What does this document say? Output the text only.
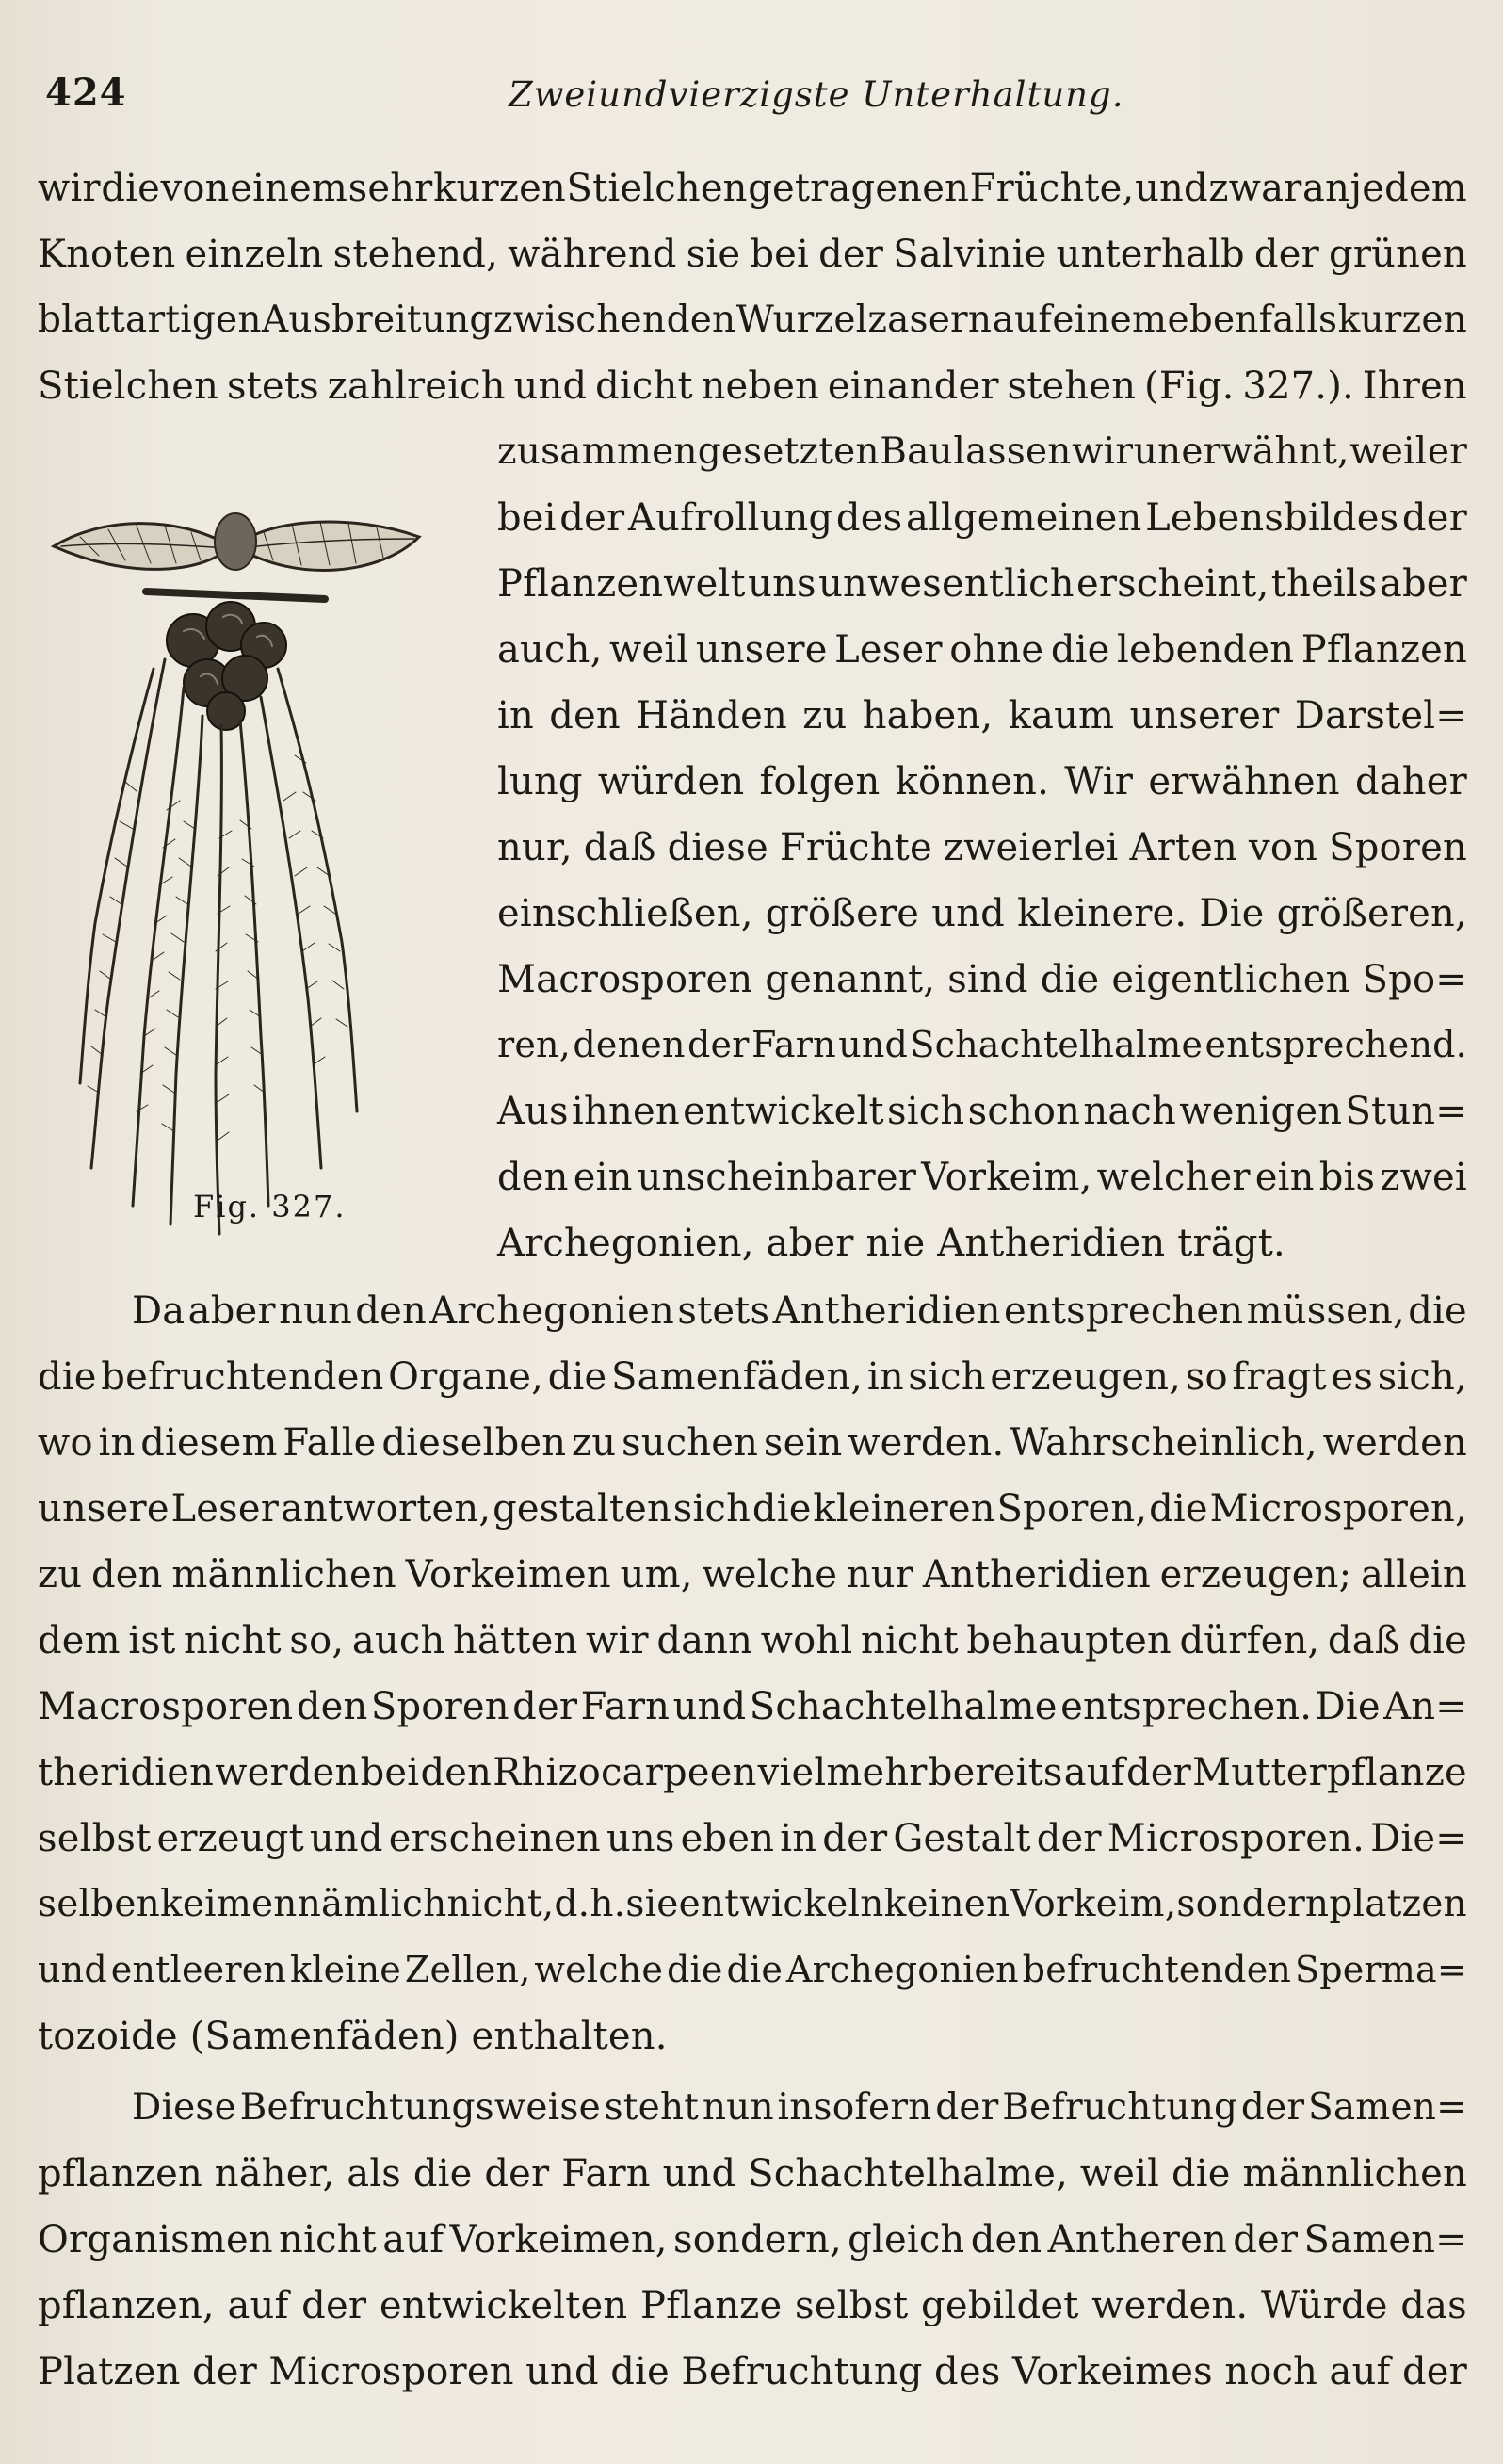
424	Zweiundvierzigste Unterhaltung.
Fig. 327.
wir die von einem sehr kurzen Stielchen getragenen Früchte, und zwar an jedem
Knoten einzeln stehend, während sie bei der Salvinie unterhalb der grünen
blattartigen Ausbreitung zwischen den Wurzelzasern auf einem ebenfalls kurzen
Stielchen stets zahlreich und dicht neben einander stehen (Fig. 327.). Ihren
zusammengesetzten Bau lassen wir unerwähnt, weil er
bei der Aufrollung des allgemeinen Lebensbildes der
Pflanzenwelt uns unwesentlich erscheint, theils aber
auch, weil unsere Leser ohne die lebenden Pflanzen
in den Händen zu haben, kaum unserer Darstel=
lung würden folgen können. Wir erwähnen daher
nur, daß diese Früchte zweierlei Arten von Sporen
einschließen, größere und kleinere. Die größeren,
Macrosporen genannt, sind die eigentlichen Spo=
ren, denen der Farn und Schachtelhalme entsprechend.
Aus ihnen entwickelt sich schon nach wenigen Stun=
den ein unscheinbarer Vorkeim, welcher ein bis zwei
Archegonien, aber nie Antheridien trägt.
Da aber nun den Archegonien stets Antheridien entsprechen müssen, die
die befruchtenden Organe, die Samenfäden, in sich erzeugen, so fragt es sich,
wo in diesem Falle dieselben zu suchen sein werden. Wahrscheinlich, werden
unsere Leser antworten, gestalten sich die kleineren Sporen, die Microsporen,
zu den männlichen Vorkeimen um, welche nur Antheridien erzeugen; allein
dem ist nicht so, auch hätten wir dann wohl nicht behaupten dürfen, daß die
Macrosporen den Sporen der Farn und Schachtelhalme entsprechen. Die An=
theridien werden bei den Rhizocarpeen vielmehr bereits auf der Mutterpflanze
selbst erzeugt und erscheinen uns eben in der Gestalt der Microsporen. Die=
selben keimen nämlich nicht, d. h. sie entwickeln keinen Vorkeim, sondern platzen
und entleeren kleine Zellen, welche die die Archegonien befruchtenden Sperma=
tozoide (Samenfäden) enthalten.
Diese Befruchtungsweise steht nun insofern der Befruchtung der Samen=
pflanzen näher, als die der Farn und Schachtelhalme, weil die männlichen
Organismen nicht auf Vorkeimen, sondern, gleich den Antheren der Samen=
pflanzen, auf der entwickelten Pflanze selbst gebildet werden. Würde das
Platzen der Microsporen und die Befruchtung des Vorkeimes noch auf der
